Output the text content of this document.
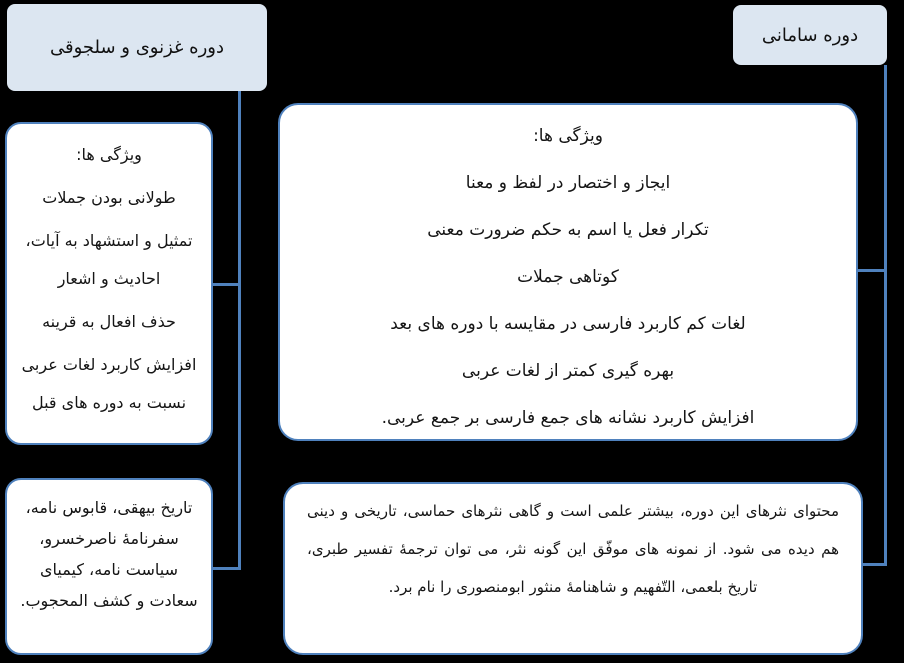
دوره سامانی
ویژگی ها:
ایجاز و اختصار در لفظ و معنا
تکرار فعل یا اسم به حکم ضرورت معنی
کوتاهی جملات
لغات کم کاربرد فارسی در مقایسه با دوره های بعد
بهره گیری کمتر از لغات عربی
افزایش کاربرد نشانه های جمع فارسی بر جمع عربی.
محتوای نثرهای این دوره، بیشتر علمی است و گاهی نثرهای حماسی، تاریخی و دینی هم دیده می شود. از نمونه های موفّق این گونه نثر، می توان ترجمهٔ تفسیر طبری، تاریخ بلعمی، التّفهیم و شاهنامهٔ منثور ابومنصوری را نام برد.
دوره غزنوی و سلجوقی
ویژگی ها:
طولانی بودن جملات
تمثیل و استشهاد به آیات، احادیث و اشعار
حذف افعال به قرینه
افزایش کاربرد لغات عربی نسبت به دوره های قبل
تاریخ بیهقی، قابوس نامه، سفرنامهٔ ناصرخسرو، سیاست نامه، کیمیای سعادت و کشف المحجوب.
